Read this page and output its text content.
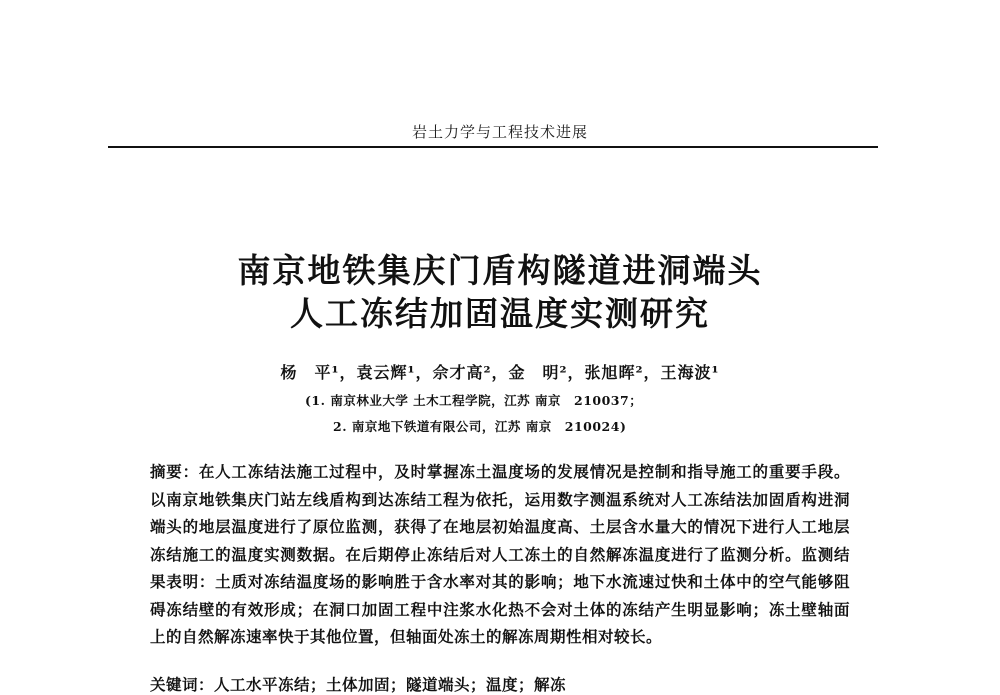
岩土力学与工程技术进展
南京地铁集庆门盾构隧道进洞端头
人工冻结加固温度实测研究
杨　平¹，袁云辉¹，佘才高²，金　明²，张旭晖²，王海波¹
(1. 南京林业大学 土木工程学院，江苏 南京　210037；
2. 南京地下铁道有限公司，江苏 南京　210024)
摘要：在人工冻结法施工过程中，及时掌握冻土温度场的发展情况是控制和指导施工的重要手段。以南京地铁集庆门站左线盾构到达冻结工程为依托，运用数字测温系统对人工冻结法加固盾构进洞端头的地层温度进行了原位监测，获得了在地层初始温度高、土层含水量大的情况下进行人工地层冻结施工的温度实测数据。在后期停止冻结后对人工冻土的自然解冻温度进行了监测分析。监测结果表明：土质对冻结温度场的影响胜于含水率对其的影响；地下水流速过快和土体中的空气能够阻碍冻结壁的有效形成；在洞口加固工程中注浆水化热不会对土体的冻结产生明显影响；冻土壁轴面上的自然解冻速率快于其他位置，但轴面处冻土的解冻周期性相对较长。
关键词：人工水平冻结；土体加固；隧道端头；温度；解冻
